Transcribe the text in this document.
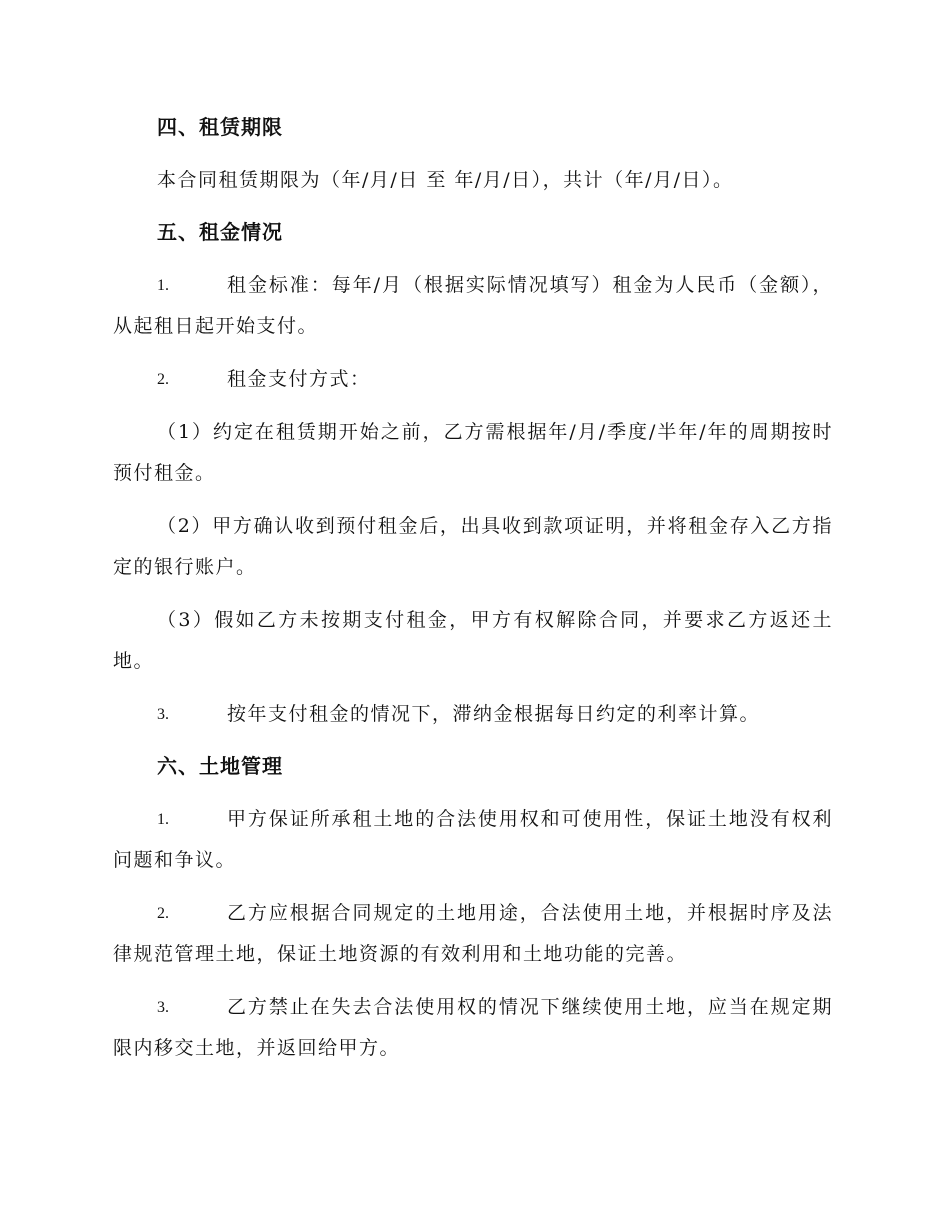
四、租赁期限

本合同租赁期限为（年/月/日 至 年/月/日），共计（年/月/日）。

五、租金情况
1.	租金标准：每年/月（根据实际情况填写）租金为人民币（金额），从起租日起开始支付。
2.	租金支付方式：

（1）约定在租赁期开始之前，乙方需根据年/月/季度/半年/年的周期按时预付租金。

（2）甲方确认收到预付租金后，出具收到款项证明，并将租金存入乙方指定的银行账户。

（3）假如乙方未按期支付租金，甲方有权解除合同，并要求乙方返还土地。

3.	按年支付租金的情况下，滞纳金根据每日约定的利率计算。
六、土地管理
1.	甲方保证所承租土地的合法使用权和可使用性，保证土地没有权利问题和争议。
2.	乙方应根据合同规定的土地用途，合法使用土地，并根据时序及法律规范管理土地，保证土地资源的有效利用和土地功能的完善。
3.	乙方禁止在失去合法使用权的情况下继续使用土地，应当在规定期限内移交土地，并返回给甲方。
